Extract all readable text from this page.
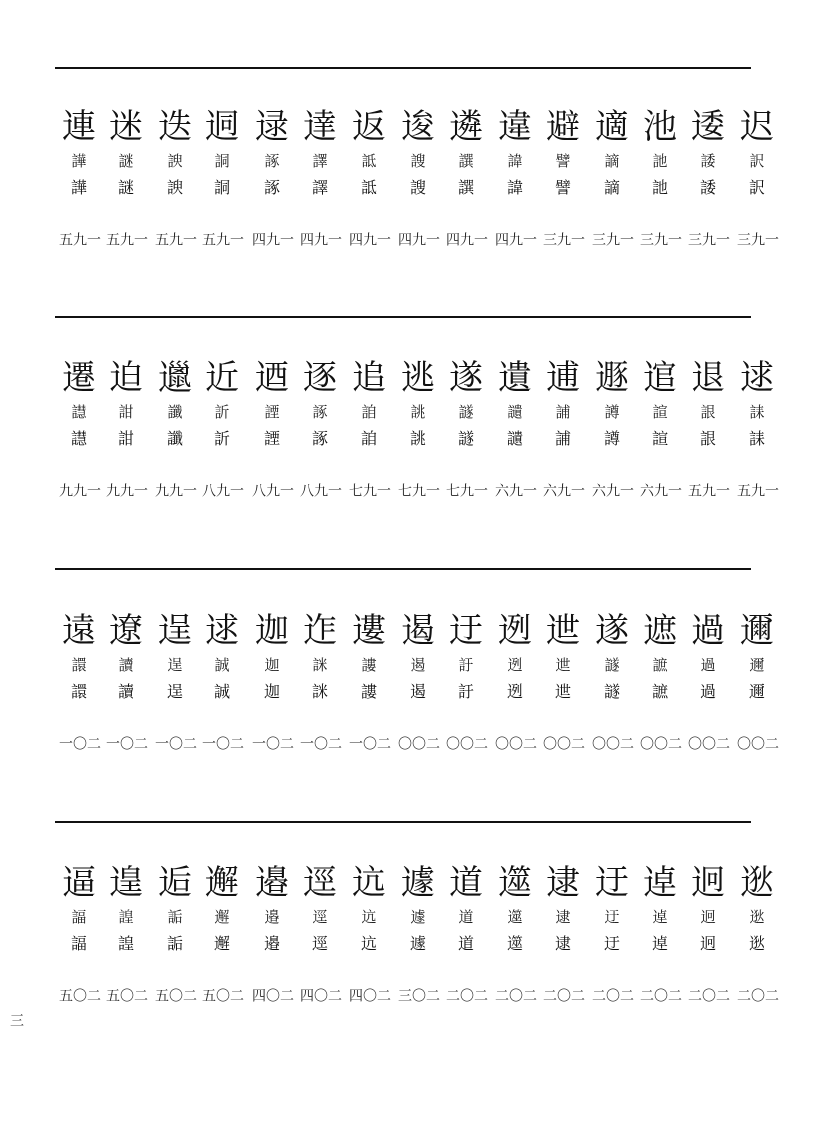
連
譁
譁
一九五
迷
謎
謎
一九五
迭
諛
諛
一九五
迵
詷
詷
一九五
逯
諑
諑
一九四
達
譯
譯
一九四
返
詆
詆
一九四
逡
謏
謏
一九四
遴
譔
譔
一九四
違
諱
諱
一九四
避
譬
譬
一九三
適
謫
謫
一九三
池
訑
訑
一九三
逶
諉
諉
一九三
迟
訳
訳
一九三
遷
譿
譿
一九九
迫
詌
詌
一九九
邋
讖
讖
一九九
近
訢
訢
一九八
迺
諲
諲
一九八
逐
諑
諑
一九八
追
詯
詯
一九七
逃
誂
誂
一九七
遂
譢
譢
一九七
遺
讉
讉
一九六
逋
誧
誧
一九六
遯
譐
譐
一九六
逭
諠
諠
一九六
退
詪
詪
一九五
逑
誄
誄
一九五
遠
譞
譞
二〇一
遼
讀
讀
二〇一
逞
逞
逞
二〇一
逑
誠
誠
二〇一
迦
迦
迦
二〇一
迮
詸
詸
二〇一
遱
謱
謱
二〇一
遏
遏
遏
二〇〇
迂
訏
訏
二〇〇
迾
迾
迾
二〇〇
迣
迣
迣
二〇〇
遂
譢
譢
二〇〇
遮
謶
謶
二〇〇
過
過
過
二〇〇
邇
邇
邇
二〇〇
逼
諨
諨
二〇五
遑
諻
諻
二〇五
逅
詬
詬
二〇五
邂
邂
邂
二〇五
邉
邉
邉
二〇四
逕
逕
逕
二〇四
迒
迒
迒
二〇四
遽
遽
遽
二〇三
道
道
道
二〇二
遾
遾
遾
二〇二
逮
逮
逮
二〇二
迂
迂
迂
二〇二
逴
逴
逴
二〇二
迥
迥
迥
二〇二
逖
逖
逖
二〇二
三
